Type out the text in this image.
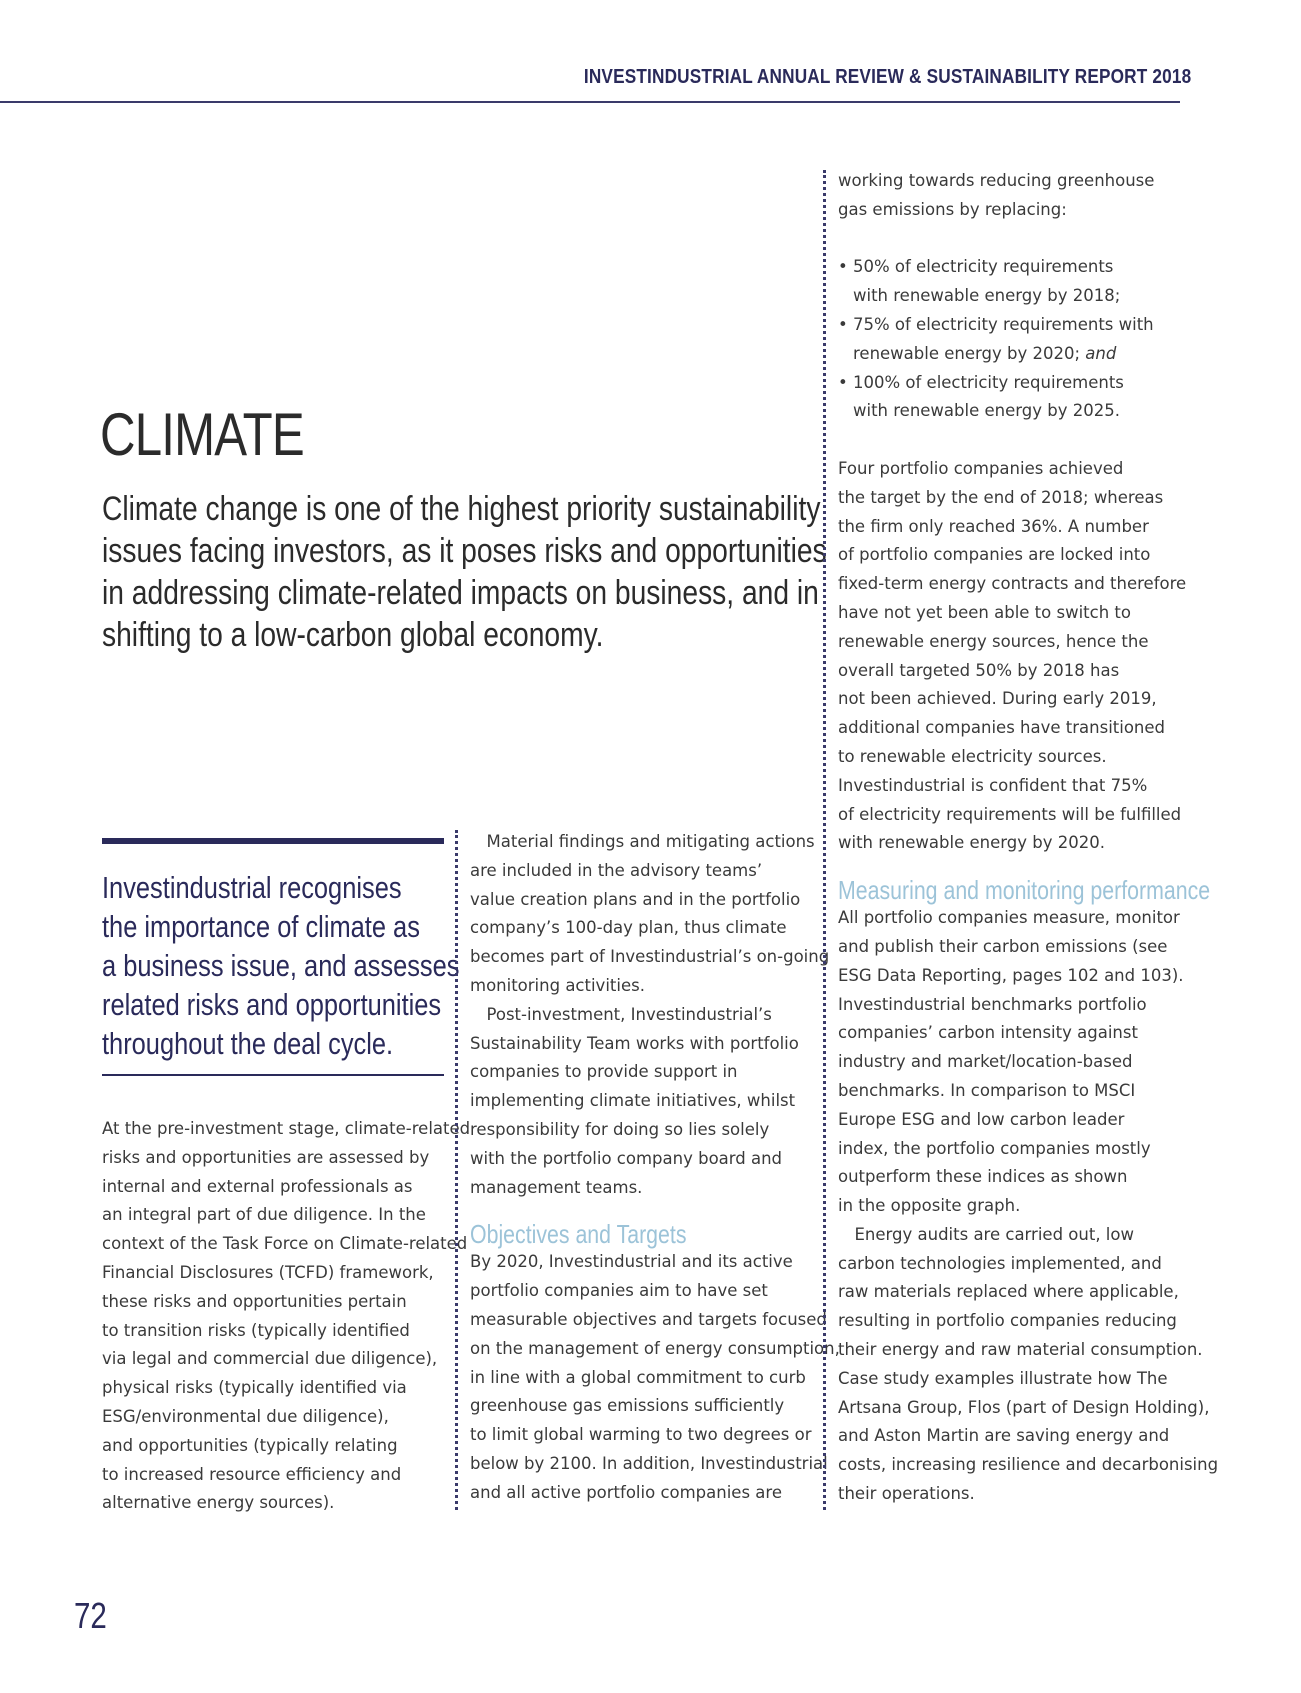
INVESTINDUSTRIAL ANNUAL REVIEW & SUSTAINABILITY REPORT 2018
CLIMATE
Climate change is one of the highest priority sustainability
issues facing investors, as it poses risks and opportunities
in addressing climate-related impacts on business, and in
shifting to a low-carbon global economy.
Investindustrial recognises
the importance of climate as
a business issue, and assesses
related risks and opportunities
throughout the deal cycle.
At the pre-investment stage, climate-related
risks and opportunities are assessed by
internal and external professionals as
an integral part of due diligence. In the
context of the Task Force on Climate-related
Financial Disclosures (TCFD) framework,
these risks and opportunities pertain
to transition risks (typically identified
via legal and commercial due diligence),
physical risks (typically identified via
ESG/environmental due diligence),
and opportunities (typically relating
to increased resource efficiency and
alternative energy sources).
 Material findings and mitigating actions
are included in the advisory teams’
value creation plans and in the portfolio
company’s 100-day plan, thus climate
becomes part of Investindustrial’s on-going
monitoring activities.
 Post-investment, Investindustrial’s
Sustainability Team works with portfolio
companies to provide support in
implementing climate initiatives, whilst
responsibility for doing so lies solely
with the portfolio company board and
management teams.
Objectives and Targets
By 2020, Investindustrial and its active
portfolio companies aim to have set
measurable objectives and targets focused
on the management of energy consumption,
in line with a global commitment to curb
greenhouse gas emissions sufficiently
to limit global warming to two degrees or
below by 2100. In addition, Investindustrial
and all active portfolio companies are
working towards reducing greenhouse
gas emissions by replacing:
• 50% of electricity requirements
with renewable energy by 2018;
• 75% of electricity requirements with
renewable energy by 2020; and
• 100% of electricity requirements
with renewable energy by 2025.
Four portfolio companies achieved
the target by the end of 2018; whereas
the firm only reached 36%. A number
of portfolio companies are locked into
fixed-term energy contracts and therefore
have not yet been able to switch to
renewable energy sources, hence the
overall targeted 50% by 2018 has
not been achieved. During early 2019,
additional companies have transitioned
to renewable electricity sources.
Investindustrial is confident that 75%
of electricity requirements will be fulfilled
with renewable energy by 2020.
Measuring and monitoring performance
All portfolio companies measure, monitor
and publish their carbon emissions (see
ESG Data Reporting, pages 102 and 103).
Investindustrial benchmarks portfolio
companies’ carbon intensity against
industry and market/location-based
benchmarks. In comparison to MSCI
Europe ESG and low carbon leader
index, the portfolio companies mostly
outperform these indices as shown
in the opposite graph.
 Energy audits are carried out, low
carbon technologies implemented, and
raw materials replaced where applicable,
resulting in portfolio companies reducing
their energy and raw material consumption.
Case study examples illustrate how The
Artsana Group, Flos (part of Design Holding),
and Aston Martin are saving energy and
costs, increasing resilience and decarbonising
their operations.
72
